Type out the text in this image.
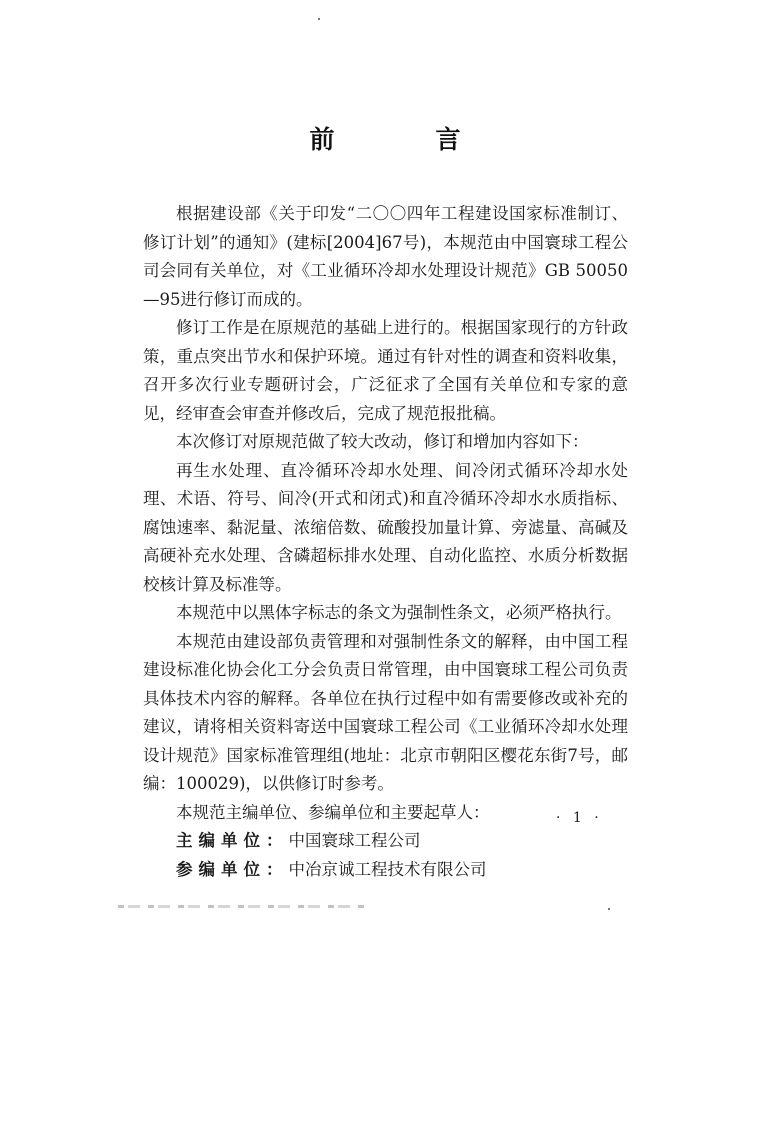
前　言

根据建设部《关于印发“二〇〇四年工程建设国家标准制订、修订计划”的通知》(建标[2004]67号)，本规范由中国寰球工程公司会同有关单位，对《工业循环冷却水处理设计规范》GB 50050—95进行修订而成的。

修订工作是在原规范的基础上进行的。根据国家现行的方针政策，重点突出节水和保护环境。通过有针对性的调查和资料收集，召开多次行业专题研讨会，广泛征求了全国有关单位和专家的意见，经审查会审查并修改后，完成了规范报批稿。

本次修订对原规范做了较大改动，修订和增加内容如下：

再生水处理、直冷循环冷却水处理、间冷闭式循环冷却水处理、术语、符号、间冷(开式和闭式)和直冷循环冷却水水质指标、腐蚀速率、黏泥量、浓缩倍数、硫酸投加量计算、旁滤量、高碱及高硬补充水处理、含磷超标排水处理、自动化监控、水质分析数据校核计算及标准等。

本规范中以黑体字标志的条文为强制性条文，必须严格执行。

本规范由建设部负责管理和对强制性条文的解释，由中国工程建设标准化协会化工分会负责日常管理，由中国寰球工程公司负责具体技术内容的解释。各单位在执行过程中如有需要修改或补充的建议，请将相关资料寄送中国寰球工程公司《工业循环冷却水处理设计规范》国家标准管理组(地址：北京市朝阳区樱花东街7号，邮编：100029)，以供修订时参考。

本规范主编单位、参编单位和主要起草人：

主编单位：中国寰球工程公司
参编单位：中冶京诚工程技术有限公司
· 1 ·
